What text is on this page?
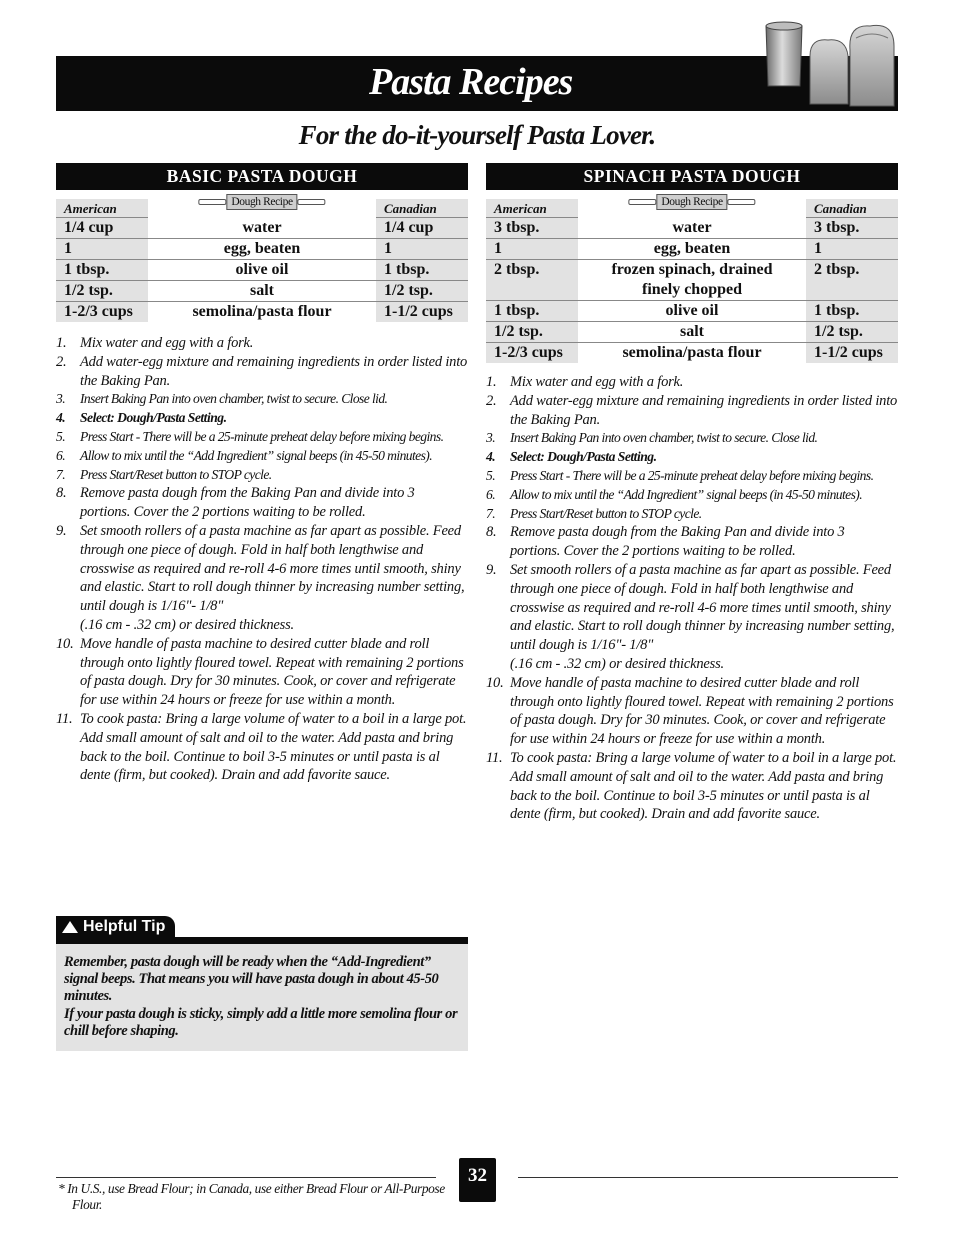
Pasta Recipes
For the do-it-yourself Pasta Lover.
BASIC PASTA DOUGH
American	Dough Recipe	Canadian
1/4 cup	water	1/4 cup
1	egg, beaten	1
1 tbsp.	olive oil	1 tbsp.
1/2 tsp.	salt	1/2 tsp.
1-2/3 cups	semolina/pasta flour	1-1/2 cups
1. Mix water and egg with a fork.
2. Add water-egg mixture and remaining ingredients in order listed into the Baking Pan.
3.	Insert Baking Pan into oven chamber, twist to secure. Close lid.
4.	Select: Dough/Pasta Setting.
5.	Press Start - There will be a 25-minute preheat delay before mixing begins.
6.	Allow to mix until the “Add Ingredient” signal beeps (in 45-50 minutes).
7.	Press Start/Reset button to STOP cycle.
8. Remove pasta dough from the Baking Pan and divide into 3 portions. Cover the 2 portions waiting to be rolled.
9. Set smooth rollers of a pasta machine as far apart as possible. Feed through one piece of dough. Fold in half both lengthwise and crosswise as required and re-roll 4-6 more times until smooth, shiny and elastic. Start to roll dough thinner by increasing number setting, until dough is 1/16"- 1/8"
(.16 cm - .32 cm) or desired thickness.
10. Move handle of pasta machine to desired cutter blade and roll through onto lightly floured towel. Repeat with remaining 2 portions of pasta dough. Dry for 30 minutes. Cook, or cover and refrigerate for use within 24 hours or freeze for use within a month.
11. To cook pasta: Bring a large volume of water to a boil in a large pot. Add small amount of salt and oil to the water. Add pasta and bring back to the boil. Continue to boil 3-5 minutes or until pasta is al dente (firm, but cooked). Drain and add favorite sauce.
SPINACH PASTA DOUGH
American	Dough Recipe	Canadian
3 tbsp.	water	3 tbsp.
1	egg, beaten	1
2 tbsp.	frozen spinach, drained finely chopped	2 tbsp.
1 tbsp.	olive oil	1 tbsp.
1/2 tsp.	salt	1/2 tsp.
1-2/3 cups	semolina/pasta flour	1-1/2 cups
1. Mix water and egg with a fork.
2. Add water-egg mixture and remaining ingredients in order listed into the Baking Pan.
3.	Insert Baking Pan into oven chamber, twist to secure. Close lid.
4.	Select: Dough/Pasta Setting.
5.	Press Start - There will be a 25-minute preheat delay before mixing begins.
6.	Allow to mix until the “Add Ingredient” signal beeps (in 45-50 minutes).
7.	Press Start/Reset button to STOP cycle.
8. Remove pasta dough from the Baking Pan and divide into 3 portions. Cover the 2 portions waiting to be rolled.
9. Set smooth rollers of a pasta machine as far apart as possible. Feed through one piece of dough. Fold in half both lengthwise and crosswise as required and re-roll 4-6 more times until smooth, shiny and elastic. Start to roll dough thinner by increasing number setting, until dough is 1/16"- 1/8"
(.16 cm - .32 cm) or desired thickness.
10. Move handle of pasta machine to desired cutter blade and roll through onto lightly floured towel. Repeat with remaining 2 portions of pasta dough. Dry for 30 minutes. Cook, or cover and refrigerate for use within 24 hours or freeze for use within a month.
11. To cook pasta: Bring a large volume of water to a boil in a large pot. Add small amount of salt and oil to the water. Add pasta and bring back to the boil. Continue to boil 3-5 minutes or until pasta is al dente (firm, but cooked). Drain and add favorite sauce.
Helpful Tip

Remember, pasta dough will be ready when the “Add-Ingredient” signal beeps. That means you will have pasta dough in about 45-50 minutes.

If your pasta dough is sticky, simply add a little more semolina flour or chill before shaping.

32
* In U.S., use Bread Flour; in Canada, use either Bread Flour or All-Purpose Flour.
